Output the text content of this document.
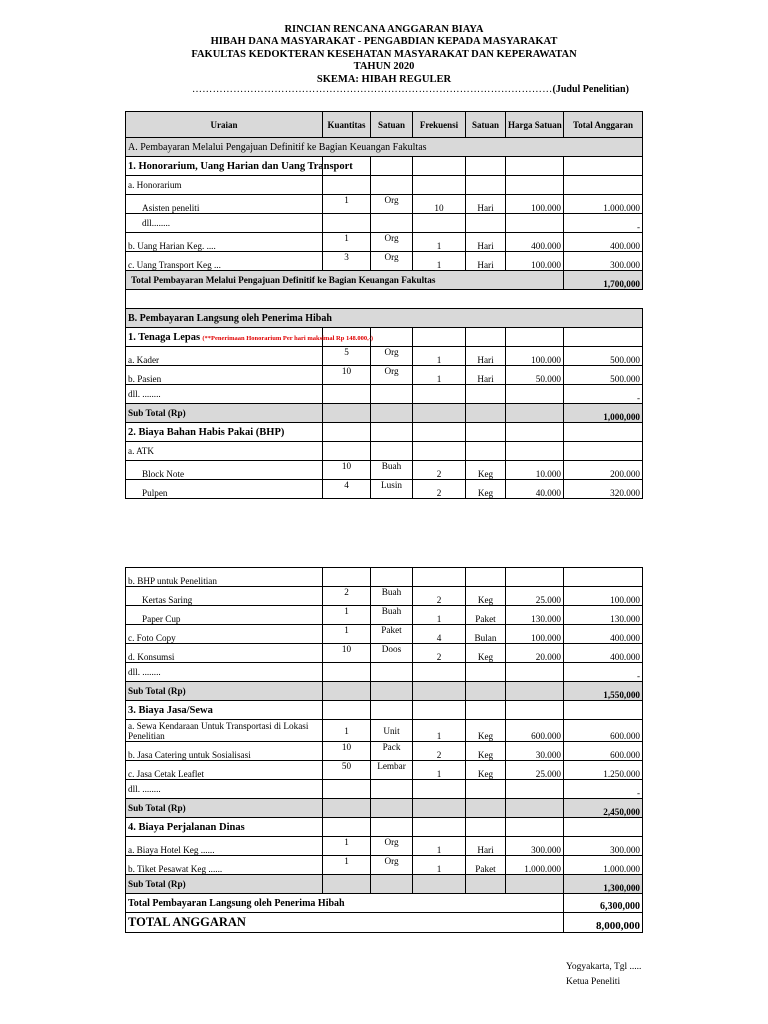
RINCIAN RENCANA ANGGARAN BIAYA
HIBAH DANA MASYARAKAT - PENGABDIAN KEPADA MASYARAKAT
FAKULTAS KEDOKTERAN KESEHATAN MASYARAKAT DAN KEPERAWATAN
TAHUN 2020
SKEMA: HIBAH REGULER
……………………………………………………………………………………………(Judul Penelitian)
Uraian	Kuantitas	Satuan	Frekuensi	Satuan	Harga Satuan	Total Anggaran
A. Pembayaran Melalui Pengajuan Definitif ke Bagian Keuangan Fakultas						
1. Honorarium, Uang Harian dan Uang Transport						
a. Honorarium						
Asisten peneliti	1	Org	10	Hari	100.000	1.000.000
dll........						-
b. Uang Harian Keg. ....	1	Org	1	Hari	400.000	400.000
c. Uang Transport Keg ...	3	Org	1	Hari	100.000	300.000
Total Pembayaran Melalui Pengajuan Definitif ke Bagian Keuangan Fakultas						1,700,000

B. Pembayaran Langsung oleh Penerima Hibah						
1. Tenaga Lepas (**Penerimaan Honorarium Per hari maksimal Rp 148.000,-)						
a. Kader	5	Org	1	Hari	100.000	500.000
b. Pasien	10	Org	1	Hari	50.000	500.000
dll. ........						-
Sub Total (Rp)						1,000,000
2. Biaya Bahan Habis Pakai (BHP)						
a. ATK						
Block Note	10	Buah	2	Keg	10.000	200.000
Pulpen	4	Lusin	2	Keg	40.000	320.000
b. BHP untuk Penelitian						
Kertas Saring	2	Buah	2	Keg	25.000	100.000
Paper Cup	1	Buah	1	Paket	130.000	130.000
c. Foto Copy	1	Paket	4	Bulan	100.000	400.000
d. Konsumsi	10	Doos	2	Keg	20.000	400.000
dll. ........						-
Sub Total (Rp)						1,550,000
3. Biaya Jasa/Sewa						
a. Sewa Kendaraan Untuk Transportasi di Lokasi Penelitian	1	Unit	1	Keg	600.000	600.000
b. Jasa Catering untuk Sosialisasi	10	Pack	2	Keg	30.000	600.000
c. Jasa Cetak Leaflet	50	Lembar	1	Keg	25.000	1.250.000
dll. ........						-
Sub Total (Rp)						2,450,000
4. Biaya Perjalanan Dinas						
a. Biaya Hotel Keg ......	1	Org	1	Hari	300.000	300.000
b. Tiket Pesawat Keg ......	1	Org	1	Paket	1.000.000	1.000.000
Sub Total (Rp)						1,300,000
Total Pembayaran Langsung oleh Penerima Hibah						6,300,000
TOTAL ANGGARAN						8,000,000
Yogyakarta, Tgl .....
Ketua Peneliti
